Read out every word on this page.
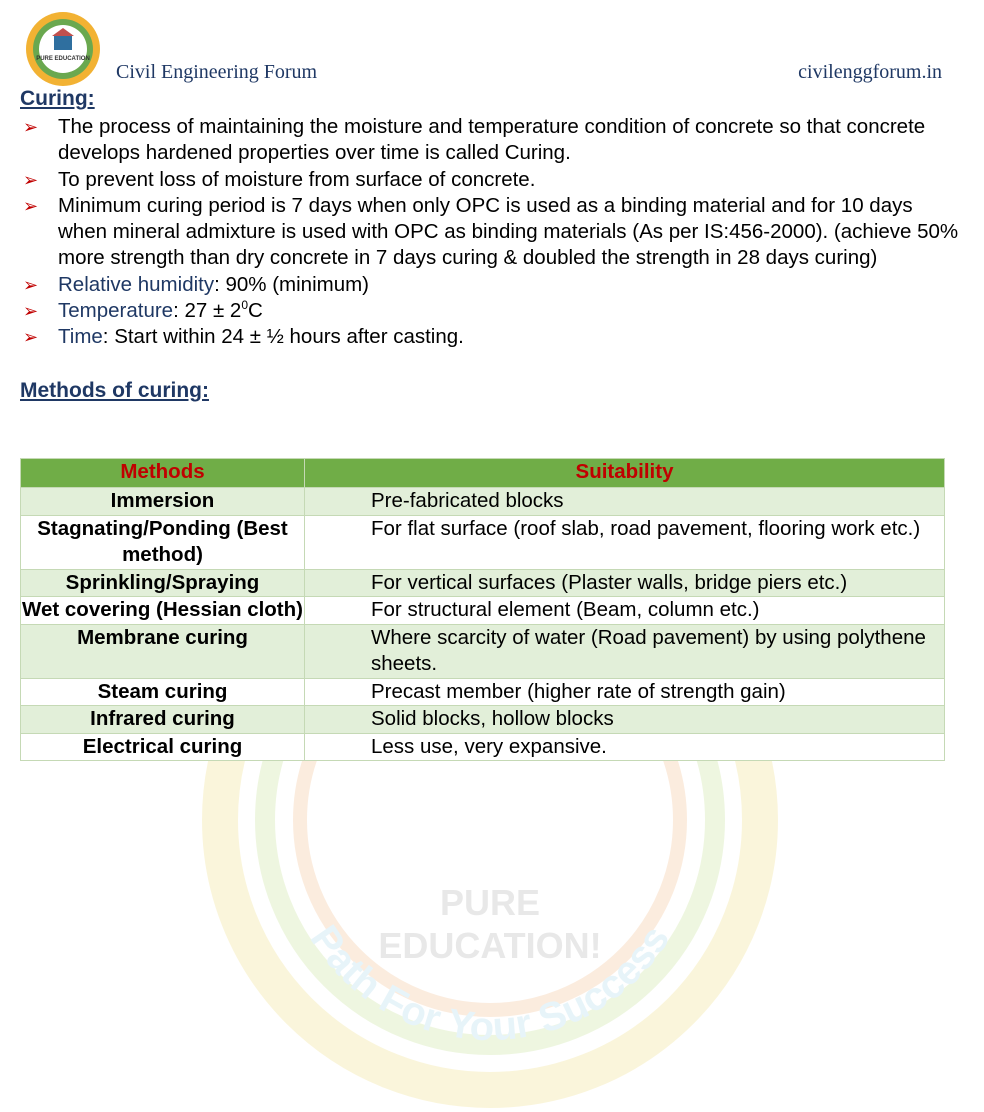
Path For Your Success
PURE
EDUCATION!
PURE EDUCATION
Civil Engineering Forum	civilenggforum.in
Curing:
➢ The process of maintaining the moisture and temperature condition of concrete so that concrete develops hardened properties over time is called Curing.
➢ To prevent loss of moisture from surface of concrete.
➢ Minimum curing period is 7 days when only OPC is used as a binding material and for 10 days when mineral admixture is used with OPC as binding materials (As per IS:456-2000). (achieve 50% more strength than dry concrete in 7 days curing & doubled the strength in 28 days curing)
➢ Relative humidity: 90% (minimum)
➢ Temperature: $27 \pm 2^0C$
➢ Time: Start within 24 ± ½ hours after casting.
Methods of curing:
Methods	Suitability
Immersion	Pre-fabricated blocks
Stagnating/Ponding (Best method)	For flat surface (roof slab, road pavement, flooring work etc.)
Sprinkling/Spraying	For vertical surfaces (Plaster walls, bridge piers etc.)
Wet covering (Hessian cloth)	For structural element (Beam, column etc.)
Membrane curing	Where scarcity of water (Road pavement) by using polythene sheets.
Steam curing	Precast member (higher rate of strength gain)
Infrared curing	Solid blocks, hollow blocks
Electrical curing	Less use, very expansive.
